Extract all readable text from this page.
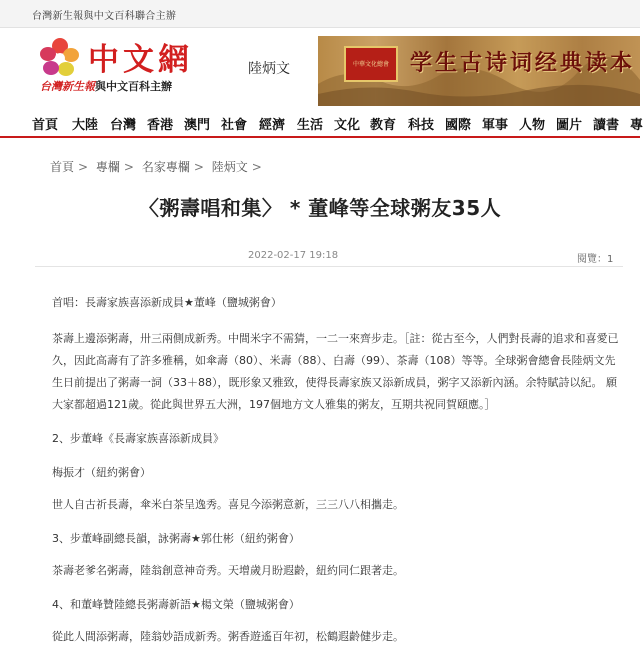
台灣新生報與中文百科聯合主辦
中文網
台灣新生報與中文百科主辦
陸炳文	中華文化總會 学生古诗词经典读本
首頁 大陸 台灣 香港 澳門 社會 經濟 生活 文化 教育 科技 國際 軍事 人物 圖片 讀書 專
首頁 > 專欄 > 名家專欄 > 陸炳文 >
〈粥壽唱和集〉 * 董峰等全球粥友35人
2022-02-17 19:18	閱覽：1

首唱：長壽家族喜添新成員★董峰（鹽城粥會）

茶壽上邊添粥壽，卅三兩側成新秀。中間米字不需猜，一二一來齊步走。［註：從古至今，人們對長壽的追求和喜愛已久，因此高壽有了許多雅稱，如傘壽（80）、米壽（88）、白壽（99）、茶壽（108）等等。全球粥會總會長陸炳文先生日前提出了粥壽一詞（33＋88），既形象又雅致，使得長壽家族又添新成員，粥字又添新內涵。余特賦詩以紀。 願大家都超過121歲。從此與世界五大洲，197個地方文人雅集的粥友，互期共祝同賀頤應。］

2、步董峰《長壽家族喜添新成員》

梅振才（紐約粥會）

世人自古祈長壽，傘米白茶呈逸秀。喜見今添粥意新，三三八八相攜走。

3、步董峰副總長韻，詠粥壽★郭仕彬（紐約粥會）

茶壽老爹名粥壽，陸翁創意神奇秀。天增歲月盼遐齡，紐約同仁跟著走。

4、和董峰贊陸總長粥壽新語★楊文榮（鹽城粥會）

從此人間添粥壽，陸翁妙語成新秀。粥香遊遙百年初，松鶴遐齡健步走。
